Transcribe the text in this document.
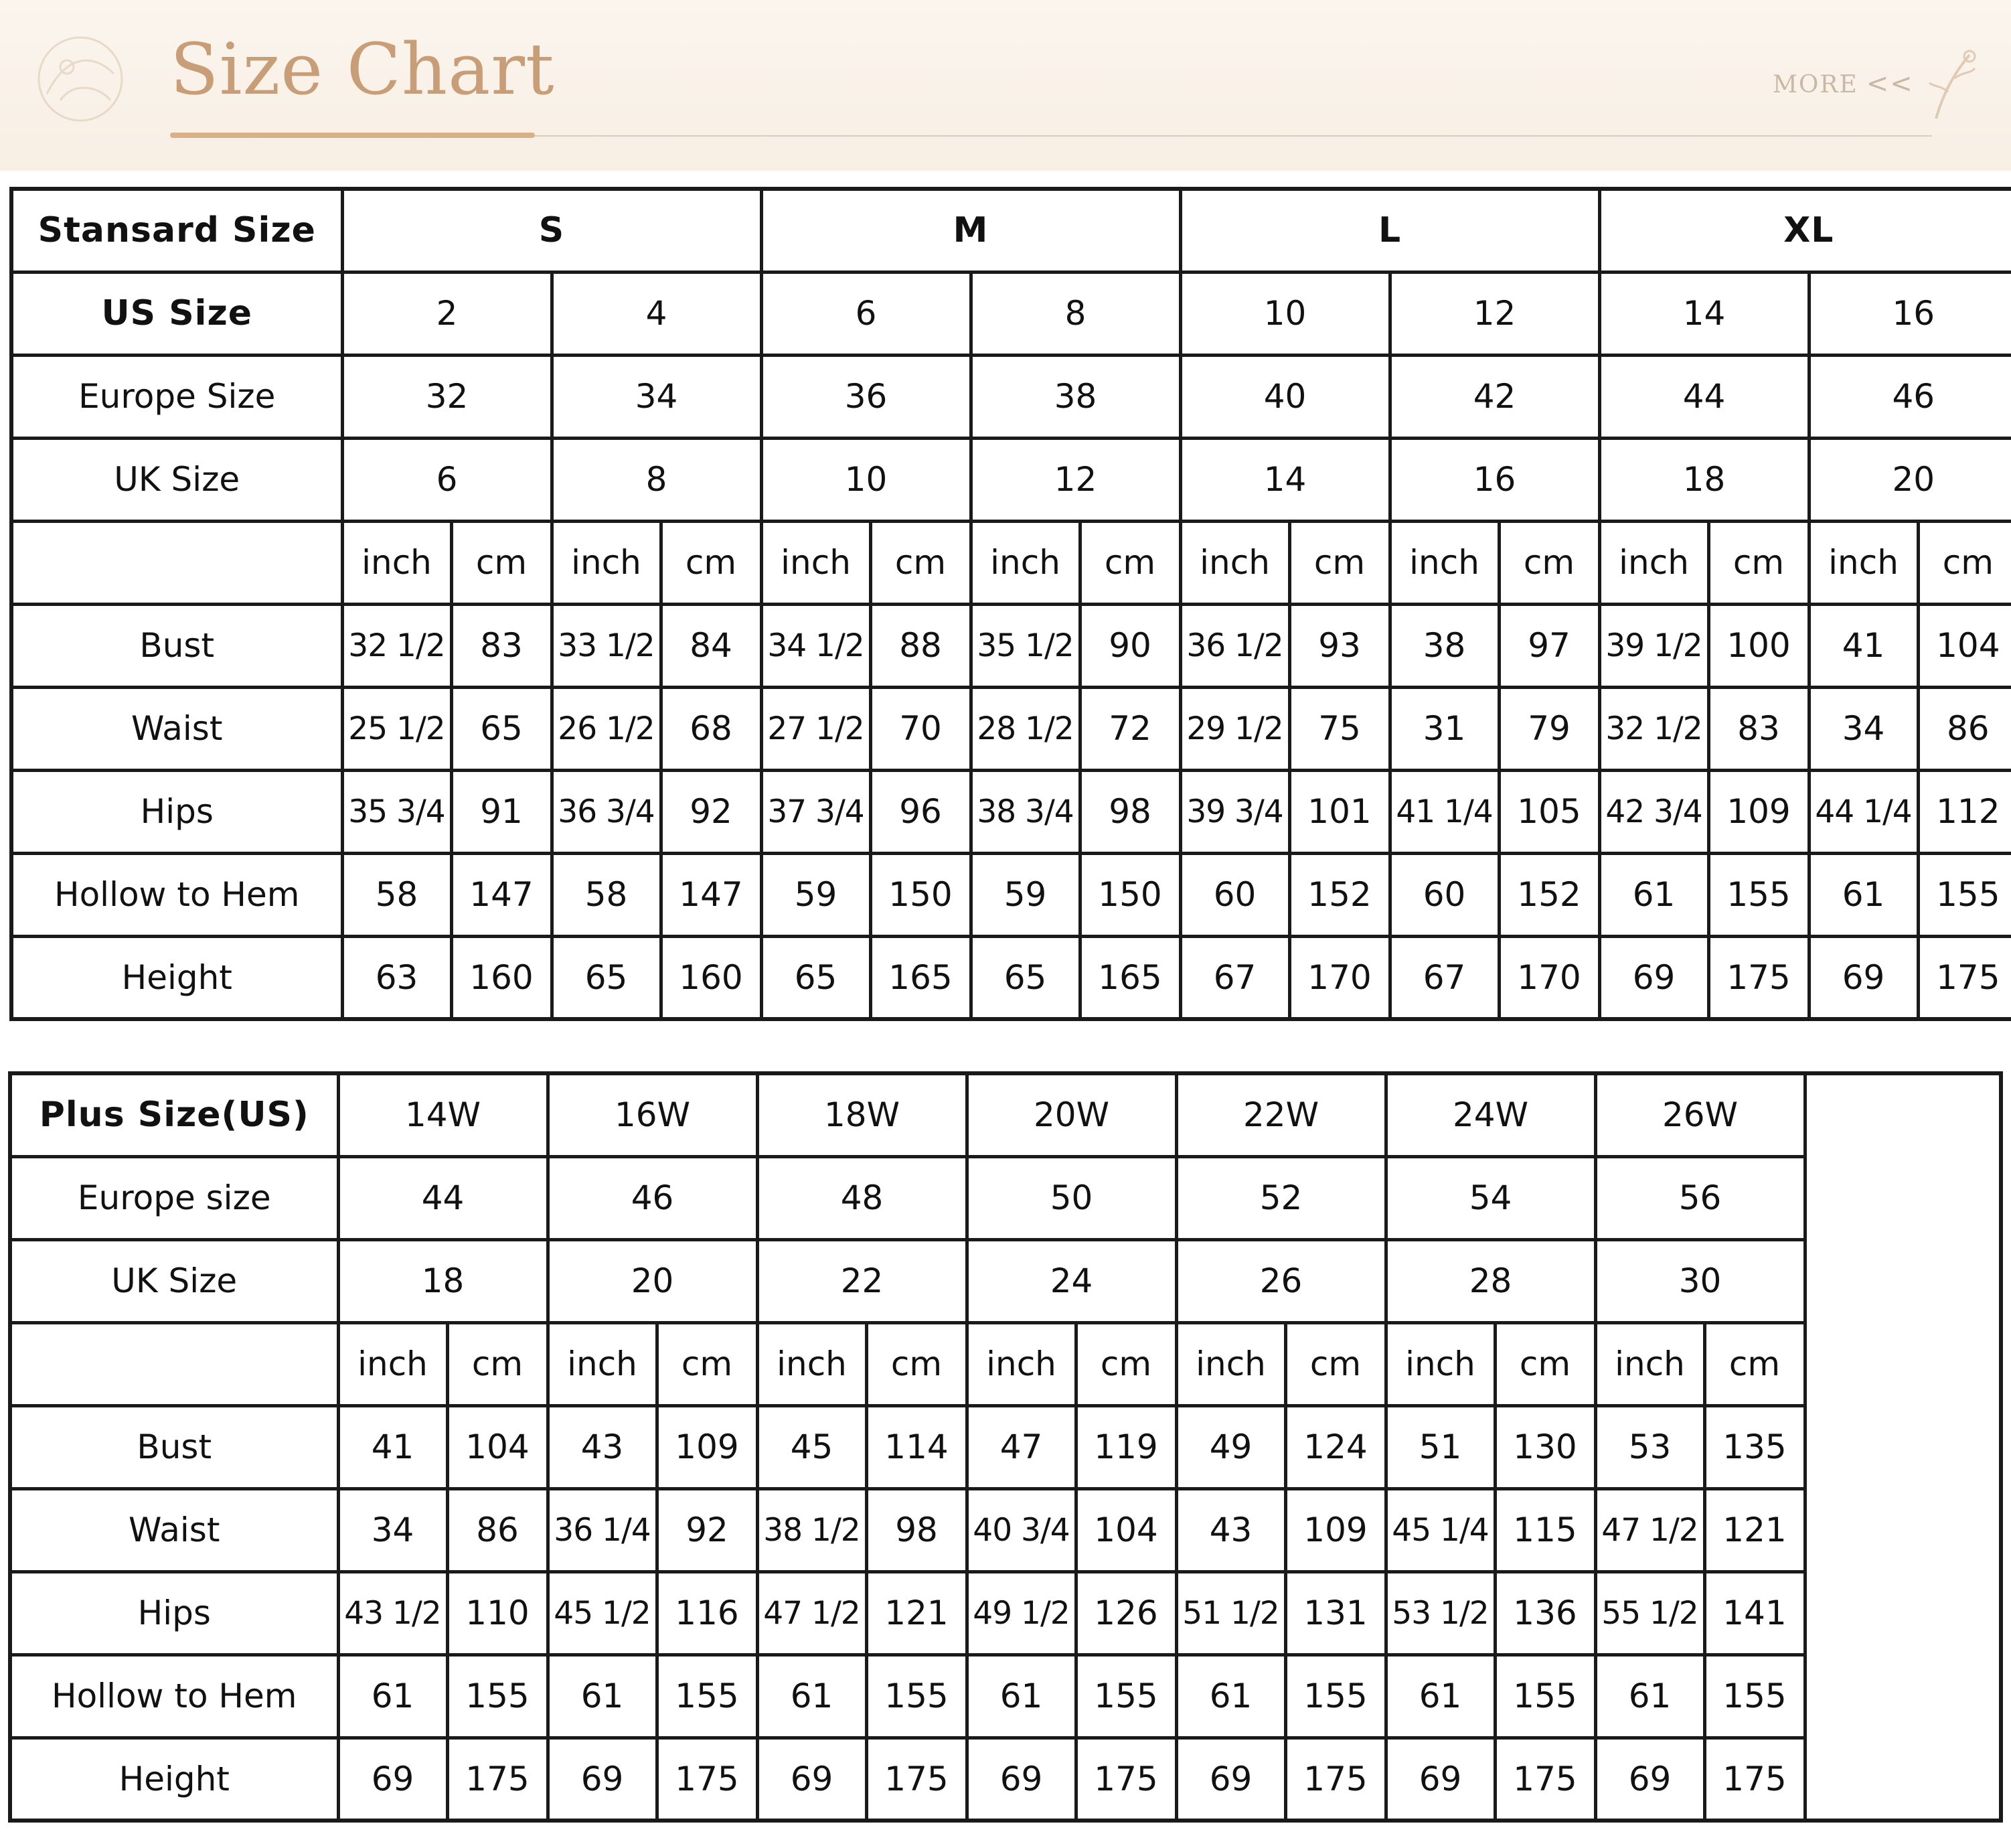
Size Chart	MORE <<
Stansard Size	S				M				L				XL			
US Size	2		4		6		8		10		12		14		16	
Europe Size	32		34		36		38		40		42		44		46	
UK Size	6		8		10		12		14		16		18		20	
	inch	cm	inch	cm	inch	cm	inch	cm	inch	cm	inch	cm	inch	cm	inch	cm
Bust	32 1/2	83	33 1/2	84	34 1/2	88	35 1/2	90	36 1/2	93	38	97	39 1/2	100	41	104
Waist	25 1/2	65	26 1/2	68	27 1/2	70	28 1/2	72	29 1/2	75	31	79	32 1/2	83	34	86
Hips	35 3/4	91	36 3/4	92	37 3/4	96	38 3/4	98	39 3/4	101	41 1/4	105	42 3/4	109	44 1/4	112
Hollow to Hem	58	147	58	147	59	150	59	150	60	152	60	152	61	155	61	155
Height	63	160	65	160	65	165	65	165	67	170	67	170	69	175	69	175
Plus Size(US)	14W		16W		18W		20W		22W		24W		26W		
Europe size	44		46		48		50		52		54		56		
UK Size	18		20		22		24		26		28		30		
	inch	cm	inch	cm	inch	cm	inch	cm	inch	cm	inch	cm	inch	cm	
Bust	41	104	43	109	45	114	47	119	49	124	51	130	53	135	
Waist	34	86	36 1/4	92	38 1/2	98	40 3/4	104	43	109	45 1/4	115	47 1/2	121	
Hips	43 1/2	110	45 1/2	116	47 1/2	121	49 1/2	126	51 1/2	131	53 1/2	136	55 1/2	141	
Hollow to Hem	61	155	61	155	61	155	61	155	61	155	61	155	61	155	
Height	69	175	69	175	69	175	69	175	69	175	69	175	69	175	
